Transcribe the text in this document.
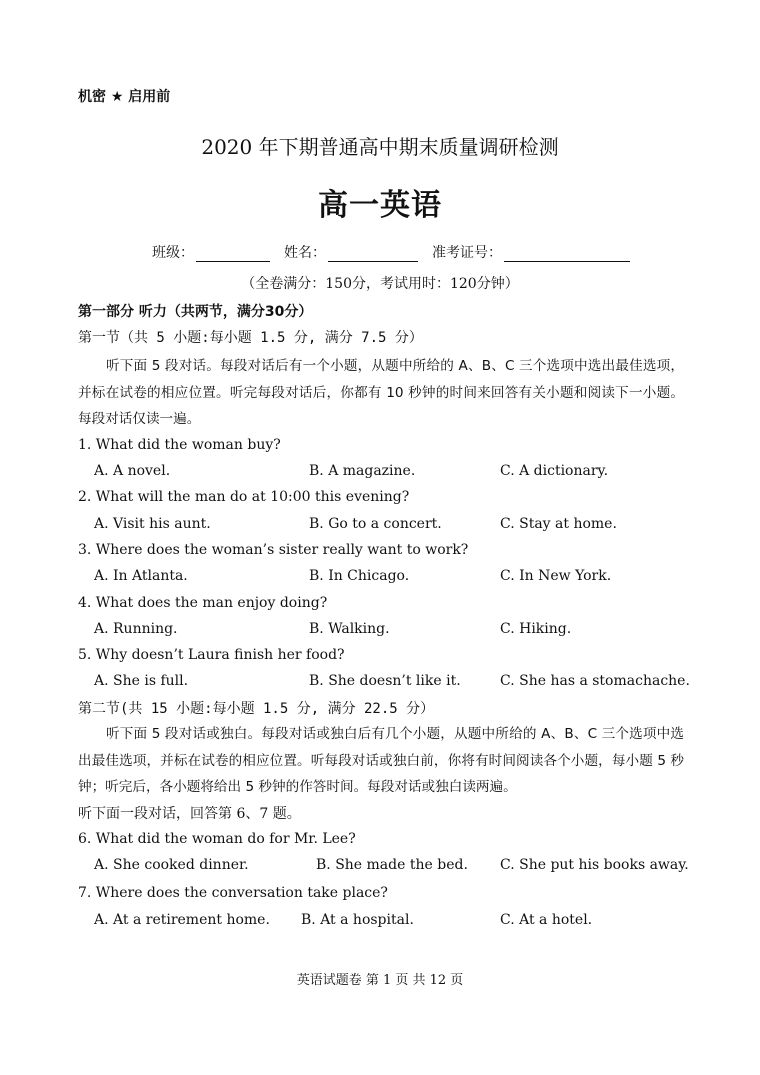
机密 ★ 启用前
2020 年下期普通高中期末质量调研检测
高一英语
班级：	姓名：	准考证号：
（全卷满分：150分，考试用时：120分钟）
第一部分 听力（共两节，满分30分）
第一节（共 5 小题:每小题 1.5 分, 满分 7.5 分）
听下面 5 段对话。每段对话后有一个小题，从题中所给的 A、B、C 三个选项中选出最佳选项，并标在试卷的相应位置。听完每段对话后，你都有 10 秒钟的时间来回答有关小题和阅读下一小题。每段对话仅读一遍。
1. What did the woman buy?
A. A novel.	B. A magazine.	C. A dictionary.
2. What will the man do at 10:00 this evening?
A. Visit his aunt.	B. Go to a concert.	C. Stay at home.
3. Where does the woman’s sister really want to work?
A. In Atlanta.	B. In Chicago.	C. In New York.
4. What does the man enjoy doing?
A. Running.	B. Walking.	C. Hiking.
5. Why doesn’t Laura finish her food?
A. She is full.	B. She doesn’t like it.	C. She has a stomachache.
第二节(共 15 小题:每小题 1.5 分, 满分 22.5 分）
听下面 5 段对话或独白。每段对话或独白后有几个小题，从题中所给的 A、B、C 三个选项中选出最佳选项，并标在试卷的相应位置。听每段对话或独白前，你将有时间阅读各个小题，每小题 5 秒钟；听完后，各小题将给出 5 秒钟的作答时间。每段对话或独白读两遍。
听下面一段对话，回答第 6、7 题。
6. What did the woman do for Mr. Lee?
A. She cooked dinner.	B. She made the bed. C. She put his books away.
7. Where does the conversation take place?
A. At a retirement home. B. At a hospital.	C. At a hotel.
英语试题卷 第 1 页 共 12 页
